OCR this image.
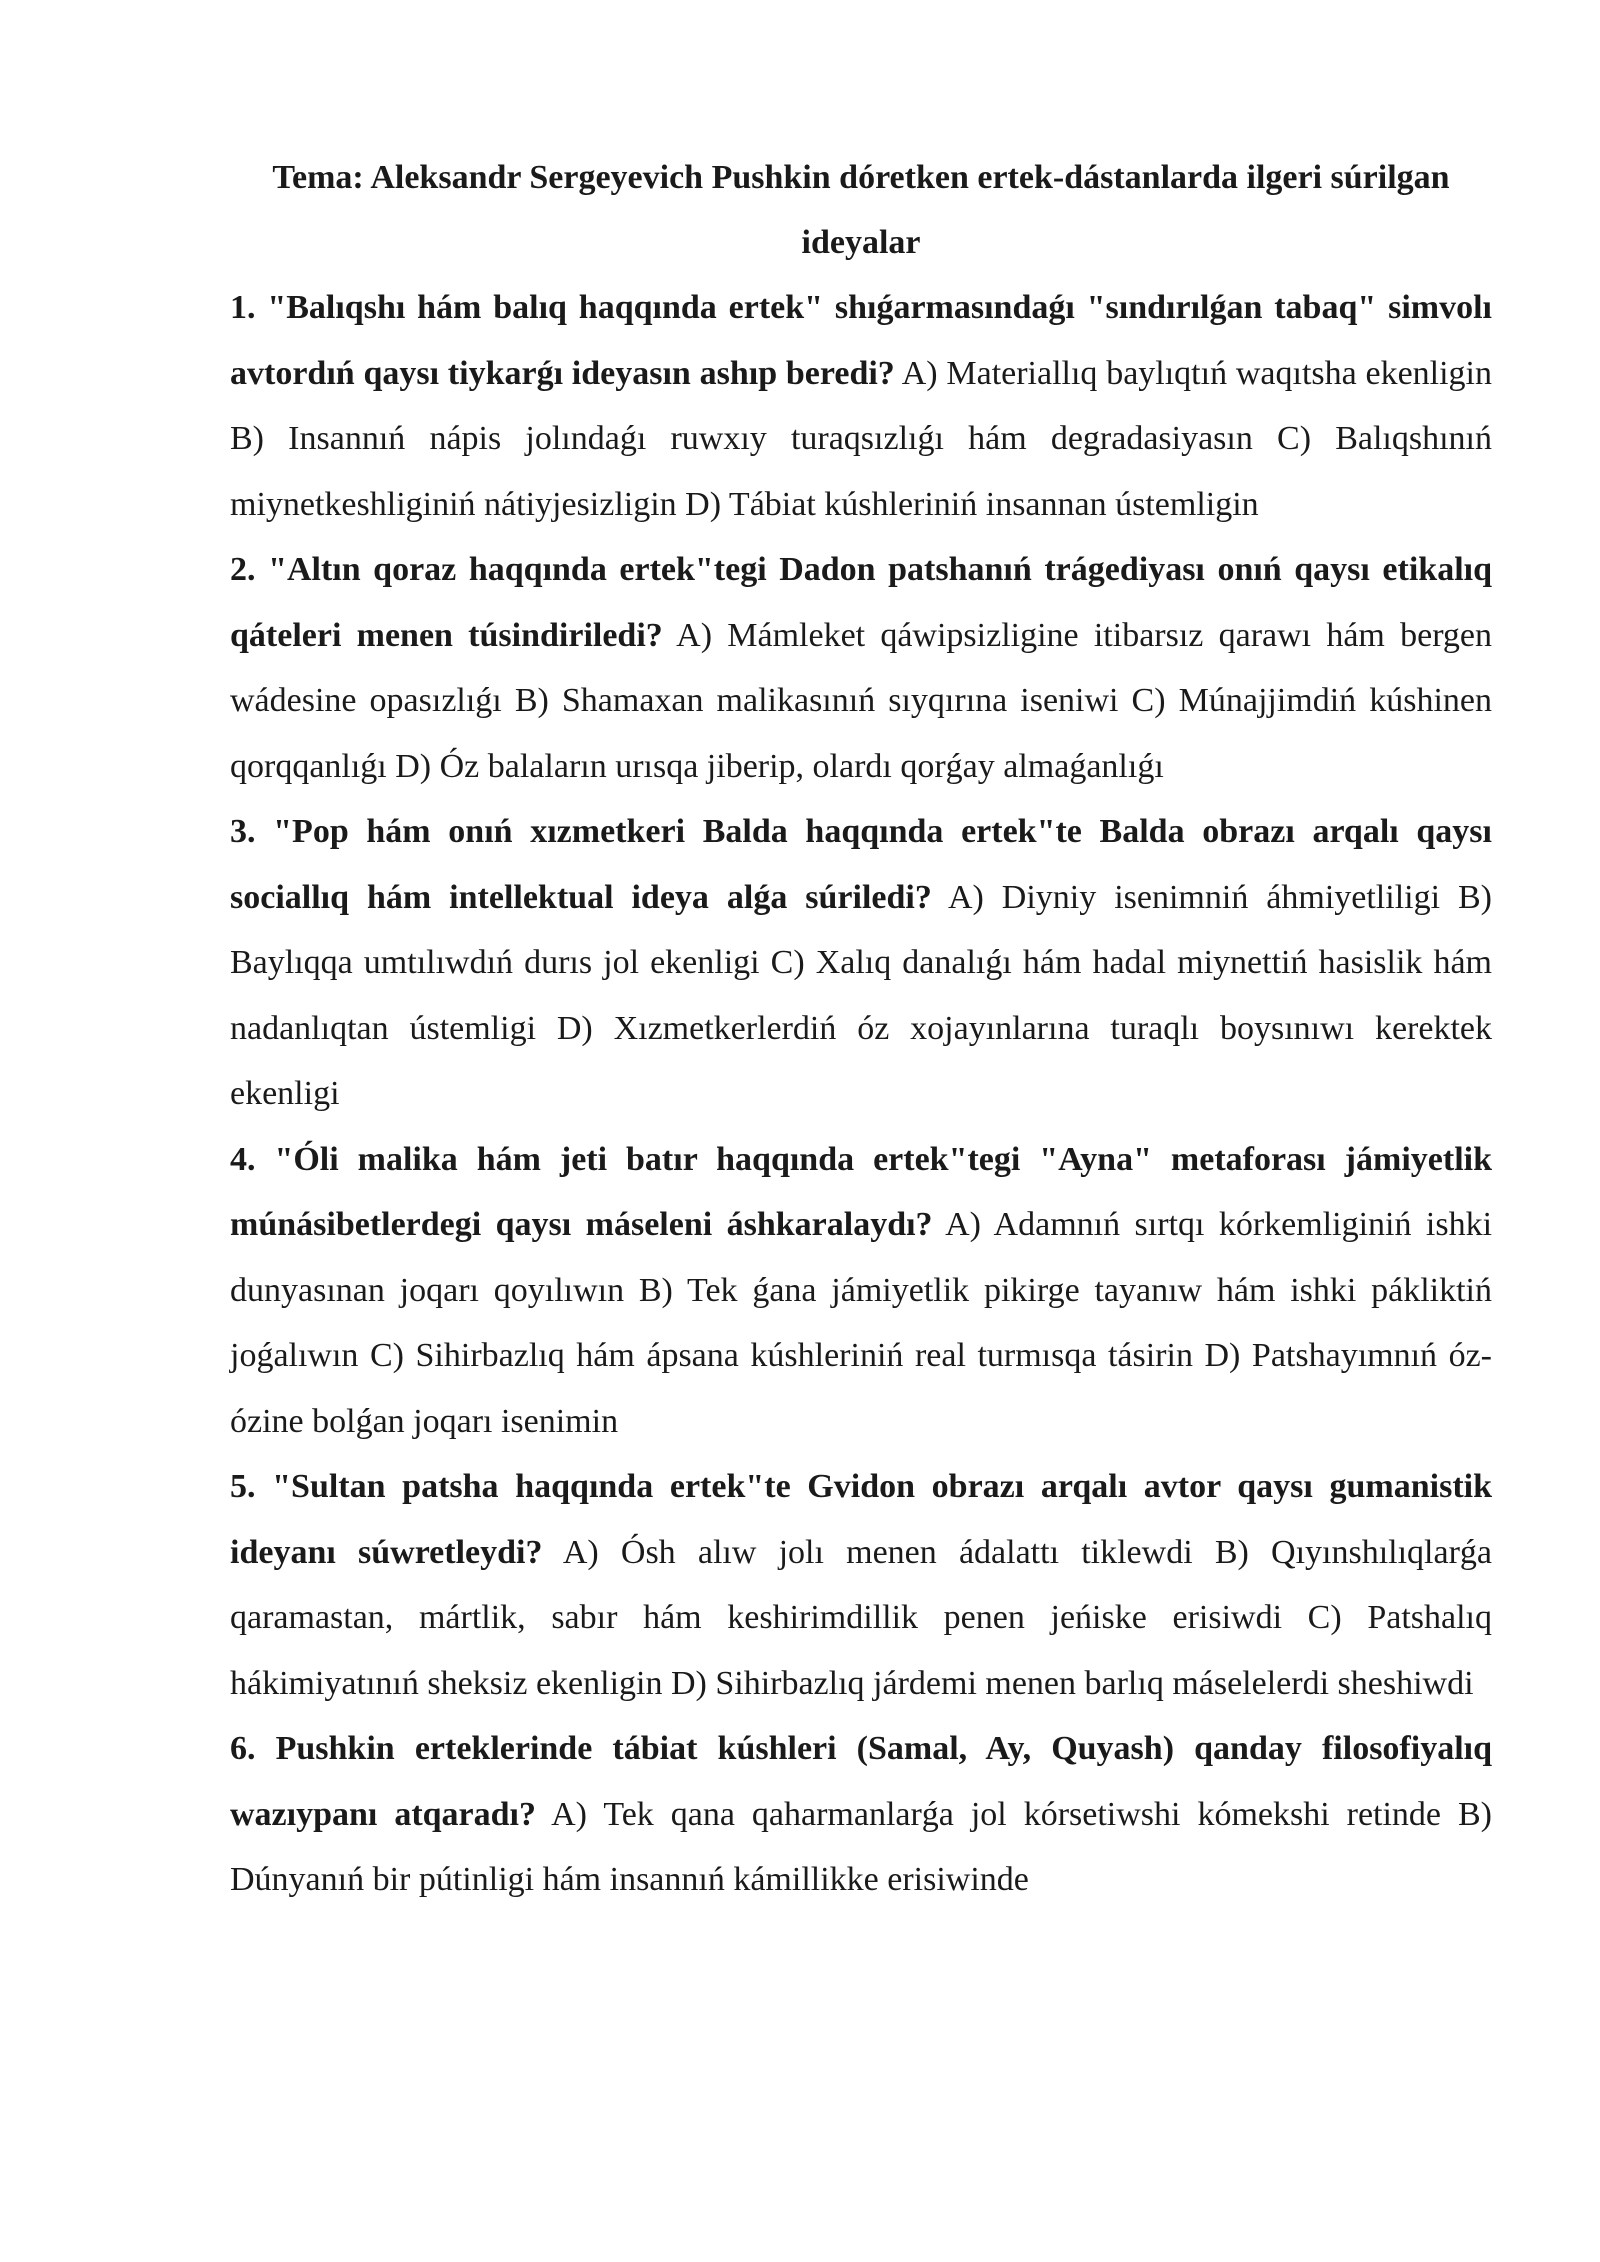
Tema: Aleksandr Sergeyevich Pushkin dóretken ertek-dástanlarda ilgeri súrilgan ideyalar

1. "Balıqshı hám balıq haqqında ertek" shıǵarmasındaǵı "sındırılǵan tabaq" simvolı avtordıń qaysı tiykarǵı ideyasın ashıp beredi? A) Materiallıq baylıqtıń waqıtsha ekenligin B) Insannıń nápis jolındaǵı ruwxıy turaqsızlıǵı hám degradasiyasın C) Balıqshınıń miynetkeshliginiń nátiyjesizligin D) Tábiat kúshleriniń insannan ústemligin

2. "Altın qoraz haqqında ertek"tegi Dadon patshanıń trágediyası onıń qaysı etikalıq qáteleri menen túsindiriledi? A) Mámleket qáwipsizligine itibarsız qarawı hám bergen wádesine opasızlıǵı B) Shamaxan malikasınıń sıyqırına iseniwi C) Múnajjimdiń kúshinen qorqqanlıǵı D) Óz balaların urısqa jiberip, olardı qorǵay almaǵanlıǵı

3. "Pop hám onıń xızmetkeri Balda haqqında ertek"te Balda obrazı arqalı qaysı sociallıq hám intellektual ideya alǵa súriledi? A) Diyniy isenimniń áhmiyetliligi B) Baylıqqa umtılıwdıń durıs jol ekenligi C) Xalıq danalıǵı hám hadal miynettiń hasislik hám nadanlıqtan ústemligi D) Xızmetkerlerdiń óz xojayınlarına turaqlı boysınıwı kerektek ekenligi

4. "Óli malika hám jeti batır haqqında ertek"tegi "Ayna" metaforası jámiyetlik múnásibetlerdegi qaysı máseleni áshkaralaydı? A) Adamnıń sırtqı kórkemliginiń ishki dunyasınan joqarı qoyılıwın B) Tek ǵana jámiyetlik pikirge tayanıw hám ishki pákliktiń joǵalıwın C) Sihirbazlıq hám ápsana kúshleriniń real turmısqa tásirin D) Patshayımnıń óz-ózine bolǵan joqarı isenimin

5. "Sultan patsha haqqında ertek"te Gvidon obrazı arqalı avtor qaysı gumanistik ideyanı súwretleydi? A) Ósh alıw jolı menen ádalattı tiklewdi B) Qıyınshılıqlarǵa qaramastan, mártlik, sabır hám keshirimdillik penen jeńiske erisiwdi C) Patshalıq hákimiyatınıń sheksiz ekenligin D) Sihirbazlıq járdemi menen barlıq máselelerdi sheshiwdi

6. Pushkin erteklerinde tábiat kúshleri (Samal, Ay, Quyash) qanday filosofiyalıq wazıypanı atqaradı? A) Tek qana qaharmanlarǵa jol kórsetiwshi kómekshi retinde B) Dúnyanıń bir pútinligi hám insannıń kámillikke erisiwinde
